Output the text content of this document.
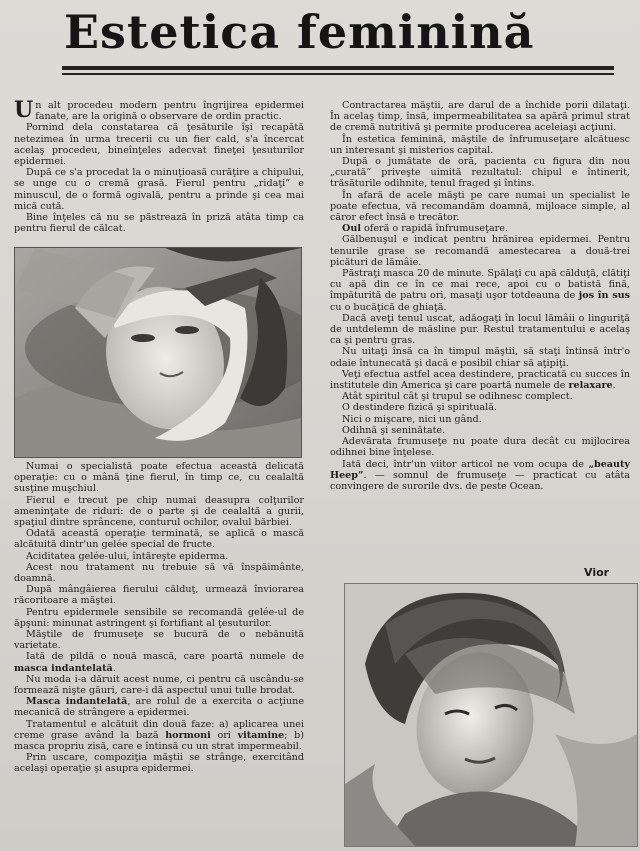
Estetica feminină

Un alt procedeu modern pentru îngrijirea epidermei fanate, are la origină o observare de ordin practic.

Pornind dela constatarea că ţesăturile îşi recapătă netezimea în urma trecerii cu un fier cald, s'a încercat acelaş procedeu, bineînţeles adecvat fineţei ţesuturilor epidermei.

După ce s'a procedat la o minuţioasă curăţire a chipului, se unge cu o cremă grasă. Fierul pentru „ridaţi” e minuscul, de o formă ogivală, pentru a prinde şi cea mai mică cută.

Bine înţeles că nu se păstrează în priză atâta timp ca pentru fierul de călcat.

Numai o specialistă poate efectua această delicată operaţie: cu o mână ţine fierul, în timp ce, cu cealaltă susţine muşchiul.

Fierul e trecut pe chip numai deasupra colţurilor ameninţate de riduri: de o parte şi de cealaltă a gurii, spaţiul dintre sprâncene, conturul ochilor, ovalul bărbiei.

Odată această operaţie terminată, se aplică o mască alcătuită dintr'un gelée special de fructe.

Aciditatea gelée-ului, întăreşte epiderma.

Acest nou tratament nu trebuie să vă înspăimânte, doamnă.

După mângâierea fierului călduţ, urmează înviorarea răcoritoare a măştei.

Pentru epidermele sensibile se recomandă gelée-ul de ăpşuni: minunat astringent şi fortifiant al ţesuturilor.

Măştile de frumuseţe se bucură de o nebănuită varietate.

Iată de pildă o nouă mască, care poartă numele de masca indantelată.

Nu moda i-a dăruit acest nume, ci pentru că uscându-se formează nişte găuri, care-i dă aspectul unui tulle brodat.

Masca indantelată, are rolul de a exercita o acţiune mecanică de strângere a epidermei.

Tratamentul e alcătuit din două faze: a) aplicarea unei creme grase având la bază hormoni ori vitamine; b) masca propriu zisă, care e întinsă cu un strat impermeabil.

Prin uscare, compoziţia măştii se strânge, exercitând acelaşi operaţie şi asupra epidermei.

Contractarea măştii, are darul de a închide porii dilataţi. În acelaş timp, însă, impermeabilitatea sa apără primul strat de cremă nutritivă şi permite producerea aceleiaşi acţiuni.

În estetica feminină, măştile de înfrumuseţare alcătuesc un interesant şi misterios capital.

După o jumătate de oră, pacienta cu figura din nou „curată” priveşte uimită rezultatul: chipul e întinerit, trăsăturile odihnite, tenul fraged şi întins.

În afară de acele măşti pe care numai un specialist le poate efectua, vă recomandăm doamnă, mijloace simple, al căror efect însă e trecător.

Oul oferă o rapidă înfrumuseţare.

Gălbenuşul e indicat pentru hrănirea epidermei. Pentru tenurile grase se recomandă amestecarea a două-trei picături de lămâie.

Păstraţi masca 20 de minute. Spălaţi cu apă călduţă, clătiţi cu apă din ce în ce mai rece, apoi cu o batistă fină, împăturită de patru ori, masaţi uşor totdeauna de jos în sus cu o bucăţică de ghiaţă.

Dacă aveţi tenul uscat, adăogaţi în locul lămâii o linguriţă de untdelemn de măsline pur. Restul tratamentului e acelaş ca şi pentru gras.

Nu uitaţi însă ca în timpul măştii, să staţi întinsă într'o odaie întunecată şi dacă e posibil chiar să aţipiţi.

Veţi efectua astfel acea destindere, practicată cu succes în institutele din America şi care poartă numele de relaxare.

Atât spiritul cât şi trupul se odihnesc complect.

O destindere fizică şi spirituală.

Nici o mişcare, nici un gând.

Odihnă şi seninătate.

Adevărata frumuseţe nu poate dura decât cu mijlocirea odihnei bine înţelese.

Iată deci, într'un viitor articol ne vom ocupa de „beauty Heep”. — somnul de frumuseţe — practicat cu atâta convingere de surorile dvs. de peste Ocean.

Vior
